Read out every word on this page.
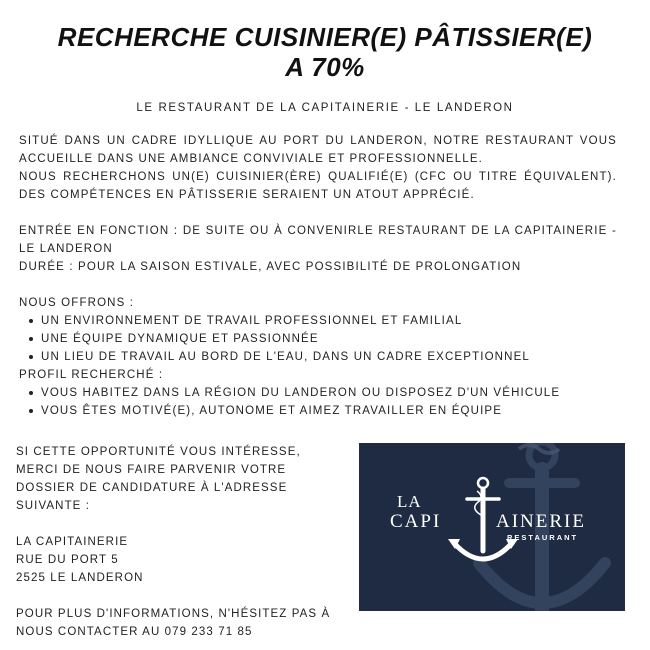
RECHERCHE CUISINIER(E) PÂTISSIER(E)
A 70%
LE RESTAURANT DE LA CAPITAINERIE - LE LANDERON

SITUÉ DANS UN CADRE IDYLLIQUE AU PORT DU LANDERON, NOTRE RESTAURANT VOUS ACCUEILLE DANS UNE AMBIANCE CONVIVIALE ET PROFESSIONNELLE.

NOUS RECHERCHONS UN(E) CUISINIER(ÈRE) QUALIFIÉ(E) (CFC OU TITRE ÉQUIVALENT). DES COMPÉTENCES EN PÂTISSERIE SERAIENT UN ATOUT APPRÉCIÉ.

ENTRÉE EN FONCTION : DE SUITE OU À CONVENIRLE RESTAURANT DE LA CAPITAINERIE - LE LANDERON

DURÉE : POUR LA SAISON ESTIVALE, AVEC POSSIBILITÉ DE PROLONGATION

NOUS OFFRONS :

UN ENVIRONNEMENT DE TRAVAIL PROFESSIONNEL ET FAMILIAL
UNE ÉQUIPE DYNAMIQUE ET PASSIONNÉE
UN LIEU DE TRAVAIL AU BORD DE L'EAU, DANS UN CADRE EXCEPTIONNEL

PROFIL RECHERCHÉ :

VOUS HABITEZ DANS LA RÉGION DU LANDERON OU DISPOSEZ D'UN VÉHICULE
VOUS ÊTES MOTIVÉ(E), AUTONOME ET AIMEZ TRAVAILLER EN ÉQUIPE

SI CETTE OPPORTUNITÉ VOUS INTÉRESSE, MERCI DE NOUS FAIRE PARVENIR VOTRE DOSSIER DE CANDIDATURE À L'ADRESSE SUIVANTE :

LA CAPITAINERIE

RUE DU PORT 5

2525 LE LANDERON

POUR PLUS D'INFORMATIONS, N'HÉSITEZ PAS À NOUS CONTACTER AU 079 233 71 85

LA
CAPI	AINERIE
RESTAURANT
